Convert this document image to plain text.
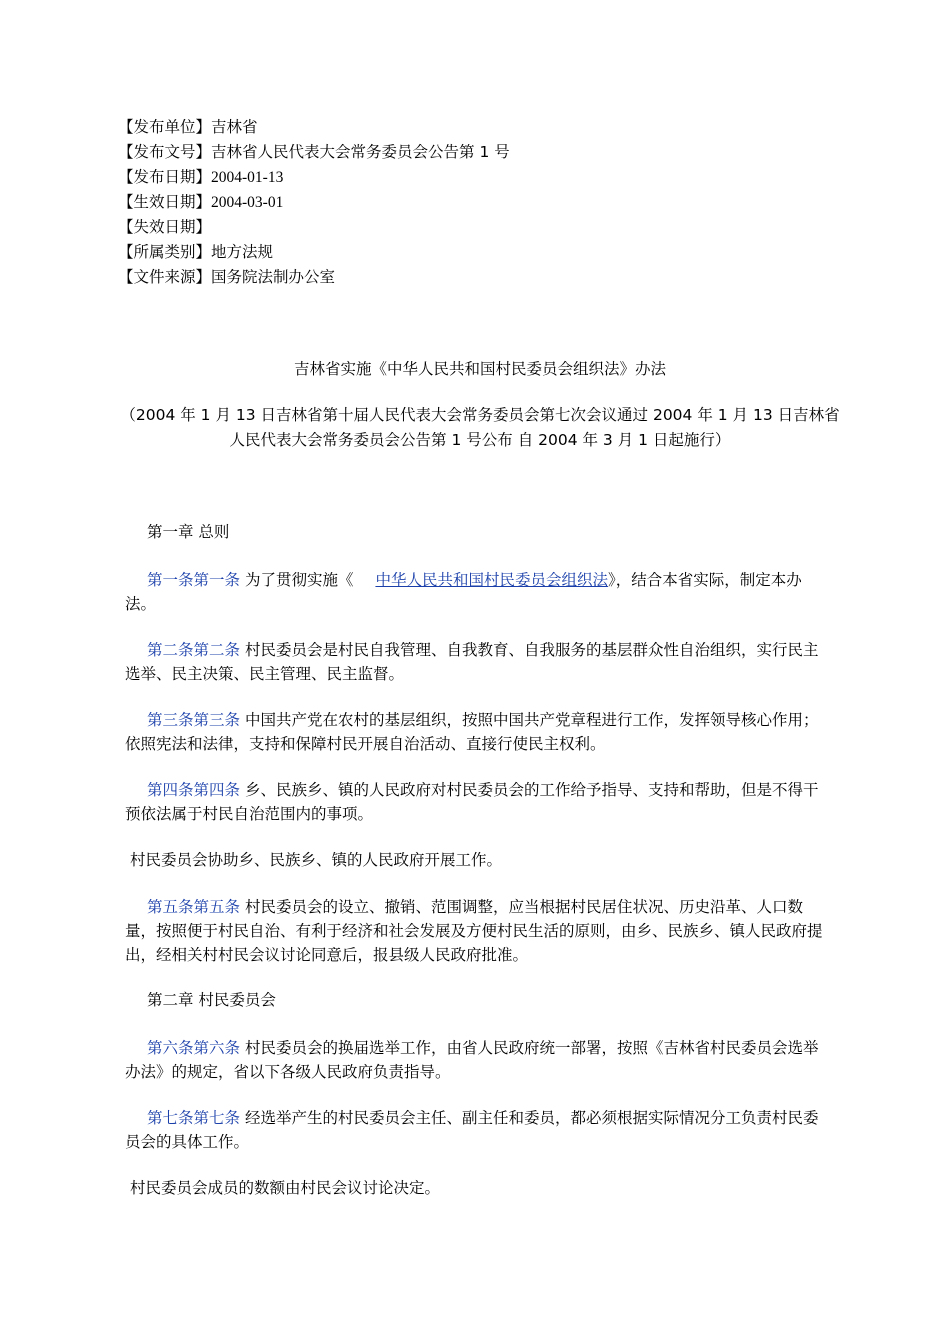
【发布单位】吉林省
【发布文号】吉林省人民代表大会常务委员会公告第 1 号
【发布日期】2004-01-13
【生效日期】2004-03-01
【失效日期】
【所属类别】地方法规
【文件来源】国务院法制办公室
吉林省实施《中华人民共和国村民委员会组织法》办法
（2004 年 1 月 13 日吉林省第十届人民代表大会常务委员会第七次会议通过 2004 年 1 月 13 日吉林省人民代表大会常务委员会公告第 1 号公布 自 2004 年 3 月 1 日起施行）
第一章 总则
第一条第一条 为了贯彻实施《 中华人民共和国村民委员会组织法》，结合本省实际，制定本办法。
第二条第二条 村民委员会是村民自我管理、自我教育、自我服务的基层群众性自治组织，实行民主选举、民主决策、民主管理、民主监督。
第三条第三条 中国共产党在农村的基层组织，按照中国共产党章程进行工作，发挥领导核心作用；依照宪法和法律，支持和保障村民开展自治活动、直接行使民主权利。
第四条第四条 乡、民族乡、镇的人民政府对村民委员会的工作给予指导、支持和帮助，但是不得干预依法属于村民自治范围内的事项。
村民委员会协助乡、民族乡、镇的人民政府开展工作。
第五条第五条 村民委员会的设立、撤销、范围调整，应当根据村民居住状况、历史沿革、人口数量，按照便于村民自治、有利于经济和社会发展及方便村民生活的原则，由乡、民族乡、镇人民政府提出，经相关村村民会议讨论同意后，报县级人民政府批准。
第二章 村民委员会
第六条第六条 村民委员会的换届选举工作，由省人民政府统一部署，按照《吉林省村民委员会选举办法》的规定，省以下各级人民政府负责指导。
第七条第七条 经选举产生的村民委员会主任、副主任和委员，都必须根据实际情况分工负责村民委员会的具体工作。
村民委员会成员的数额由村民会议讨论决定。
